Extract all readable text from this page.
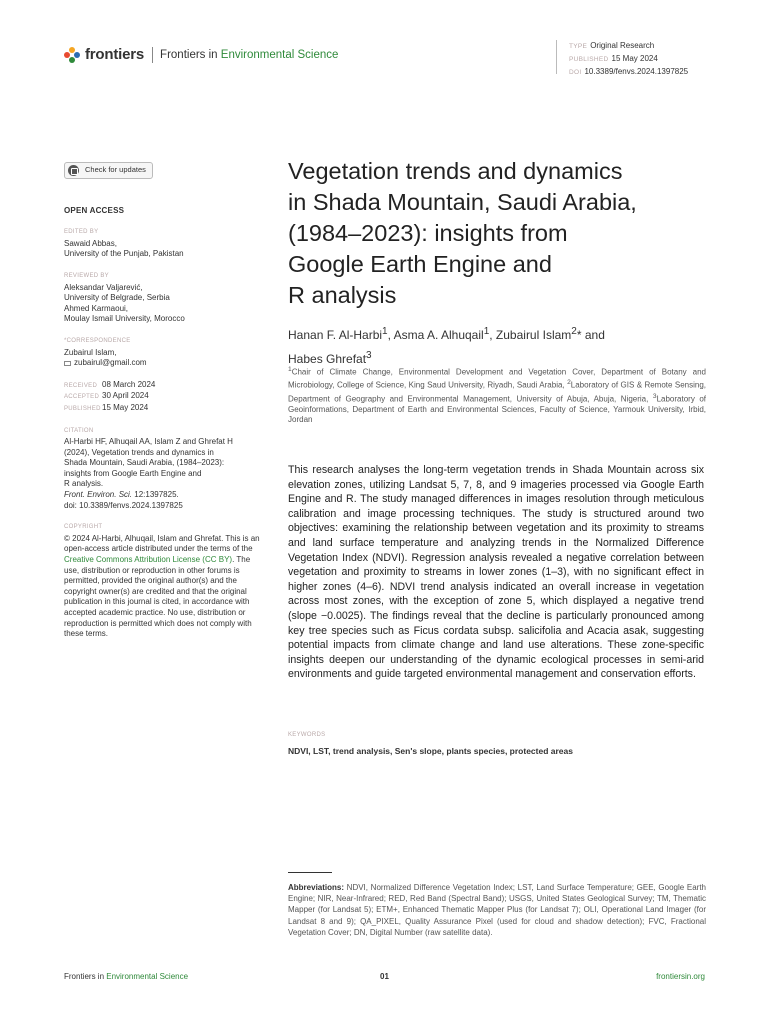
frontiers Frontiers in Environmental Science
TYPE Original Research
PUBLISHED 15 May 2024
DOI 10.3389/fenvs.2024.1397825
Check for updates
OPEN ACCESS
EDITED BY
Sawaid Abbas,
University of the Punjab, Pakistan
REVIEWED BY
Aleksandar Valjarević,
University of Belgrade, Serbia
Ahmed Karmaoui,
Moulay Ismail University, Morocco
*CORRESPONDENCE
Zubairul Islam,
zubairul@gmail.com
RECEIVED 08 March 2024
ACCEPTED 30 April 2024
PUBLISHED15 May 2024
CITATION
Al-Harbi HF, Alhuqail AA, Islam Z and Ghrefat H
(2024), Vegetation trends and dynamics in
Shada Mountain, Saudi Arabia, (1984–2023):
insights from Google Earth Engine and
R analysis.
Front. Environ. Sci. 12:1397825.
doi: 10.3389/fenvs.2024.1397825
COPYRIGHT
© 2024 Al-Harbi, Alhuqail, Islam and Ghrefat. This is an open-access article distributed under the terms of the Creative Commons Attribution License (CC BY). The use, distribution or reproduction in other forums is permitted, provided the original author(s) and the copyright owner(s) are credited and that the original publication in this journal is cited, in accordance with accepted academic practice. No use, distribution or reproduction is permitted which does not comply with these terms.
Vegetation trends and dynamics
in Shada Mountain, Saudi Arabia,
(1984–2023): insights from
Google Earth Engine and
R analysis
Hanan F. Al-Harbi$^1$, Asma A. Alhuqail$^1$, Zubairul Islam$^2$* and
Habes Ghrefat$^3$
$^1$Chair of Climate Change, Environmental Development and Vegetation Cover, Department of Botany and Microbiology, College of Science, King Saud University, Riyadh, Saudi Arabia, $^2$Laboratory of GIS & Remote Sensing, Department of Geography and Environmental Management, University of Abuja, Abuja, Nigeria, $^3$Laboratory of Geoinformations, Department of Earth and Environmental Sciences, Faculty of Science, Yarmouk University, Irbid, Jordan
This research analyses the long-term vegetation trends in Shada Mountain across six elevation zones, utilizing Landsat 5, 7, 8, and 9 imageries processed via Google Earth Engine and R. The study managed differences in images resolution through meticulous calibration and image processing techniques. The study is structured around two objectives: examining the relationship between vegetation and its proximity to streams and land surface temperature and analyzing trends in the Normalized Difference Vegetation Index (NDVI). Regression analysis revealed a negative correlation between vegetation and proximity to streams in lower zones (1–3), with no significant effect in higher zones (4–6). NDVI trend analysis indicated an overall increase in vegetation across most zones, with the exception of zone 5, which displayed a negative trend (slope −0.0025). The findings reveal that the decline is particularly pronounced among key tree species such as Ficus cordata subsp. salicifolia and Acacia asak, suggesting potential impacts from climate change and land use alterations. These zone-specific insights deepen our understanding of the dynamic ecological processes in semi-arid environments and guide targeted environmental management and conservation efforts.
KEYWORDS
NDVI, LST, trend analysis, Sen's slope, plants species, protected areas
Abbreviations: NDVI, Normalized Difference Vegetation Index; LST, Land Surface Temperature; GEE, Google Earth Engine; NIR, Near-Infrared; RED, Red Band (Spectral Band); USGS, United States Geological Survey; TM, Thematic Mapper (for Landsat 5); ETM+, Enhanced Thematic Mapper Plus (for Landsat 7); OLI, Operational Land Imager (for Landsat 8 and 9); QA_PIXEL, Quality Assurance Pixel (used for cloud and shadow detection); FVC, Fractional Vegetation Cover; DN, Digital Number (raw satellite data).
01
Frontiers in Environmental Science	frontiersin.org
